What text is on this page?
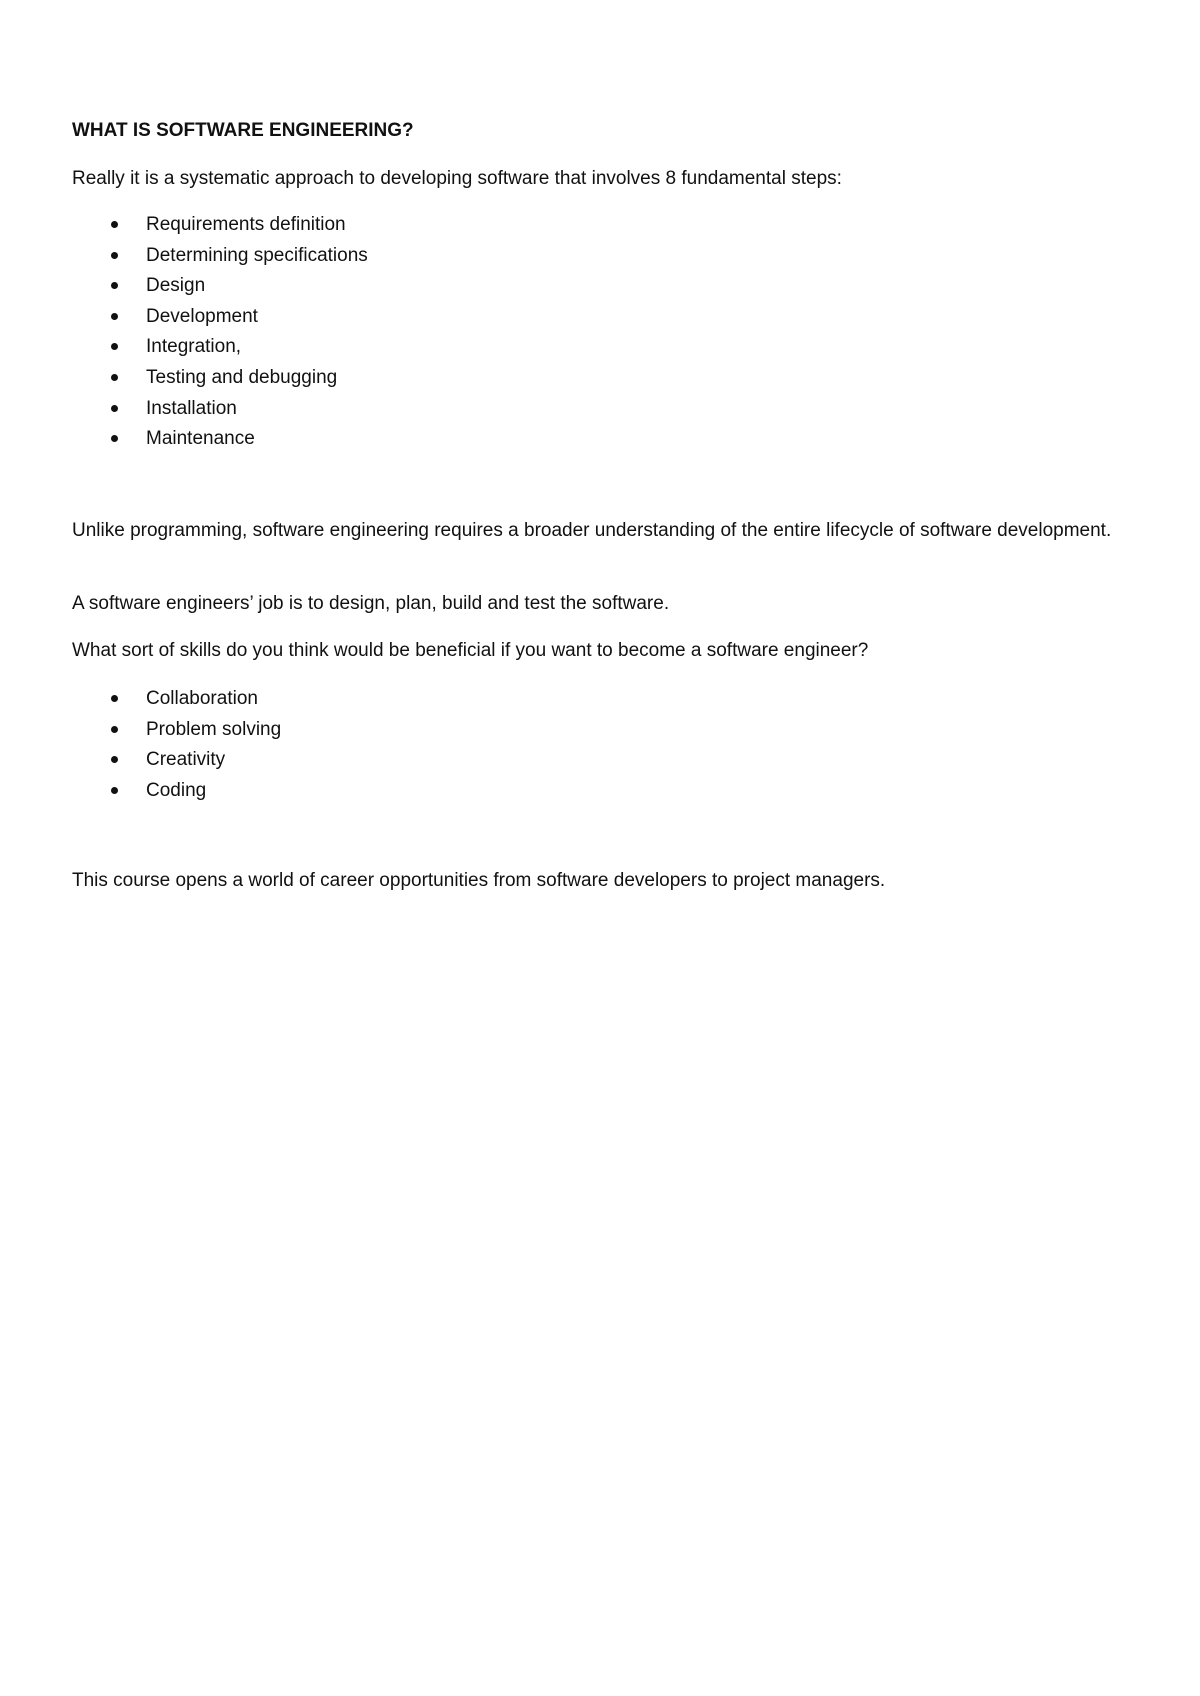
WHAT IS SOFTWARE ENGINEERING?

Really it is a systematic approach to developing software that involves 8 fundamental steps:

Requirements definition
Determining specifications
Design
Development
Integration,
Testing and debugging
Installation
Maintenance

Unlike programming, software engineering requires a broader understanding of the entire lifecycle of software development.

A software engineers’ job is to design, plan, build and test the software.

What sort of skills do you think would be beneficial if you want to become a software engineer?

Collaboration
Problem solving
Creativity
Coding

This course opens a world of career opportunities from software developers to project managers.
